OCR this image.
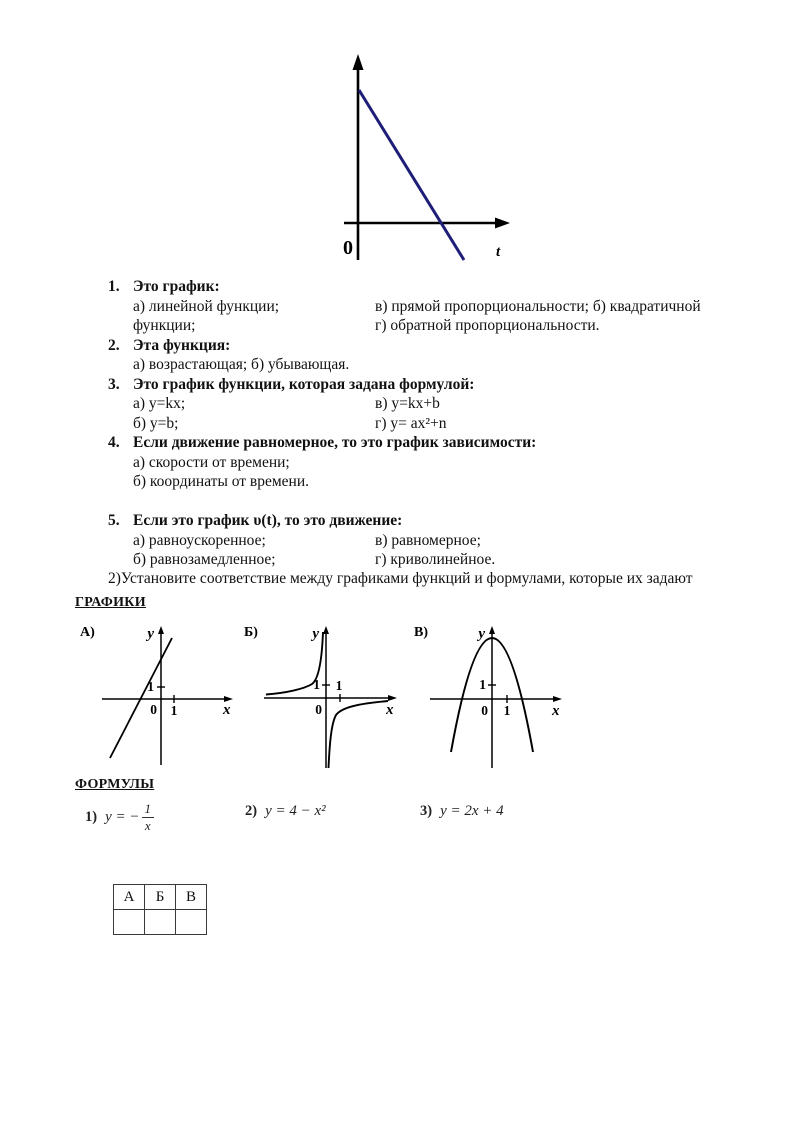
0	t
1. Это график:
а) линейной функции;	в) прямой пропорциональности; б) квадратичной
функции;	г) обратной пропорциональности.
2. Эта функция:
а) возрастающая; б) убывающая.
3. Это график функции, которая задана формулой:
а) y=kx;	в) y=kx+b
б) y=b;	г) y= ax²+n
4. Если движение равномерное, то это график зависимости:
а) скорости от времени;
б) координаты от времени.
5. Если это график υ(t), то это движение:
а) равноускоренное;	в) равномерное;
б) равнозамедленное;	г) криволинейное.
2)Установите соответствие между графиками функций и формулами, которые их задают
ГРАФИКИ
А)	у
x
0
1
1
Б)	у
x
0
1 1
В)	у
x
0
1
1
ФОРМУЛЫ
1) y = − $\frac{1}{x}$	2) y = 4 − x²	3) y = 2x + 4
А	Б	В
